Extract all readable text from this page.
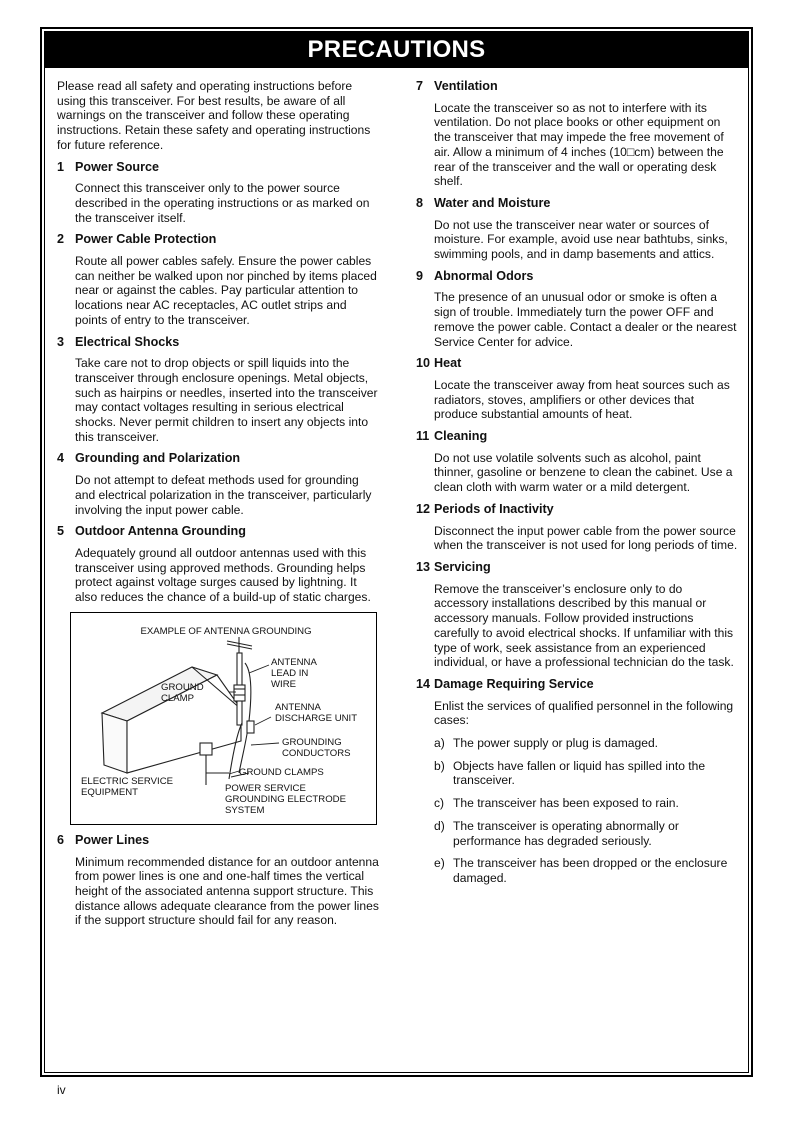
PRECAUTIONS

Please read all safety and operating instructions before using this transceiver. For best results, be aware of all warnings on the transceiver and follow these operating instructions. Retain these safety and operating instructions for future reference.

1 Power Source
Connect this transceiver only to the power source described in the operating instructions or as marked on the transceiver itself.
2 Power Cable Protection
Route all power cables safely. Ensure the power cables can neither be walked upon nor pinched by items placed near or against the cables. Pay particular attention to locations near AC receptacles, AC outlet strips and points of entry to the transceiver.
3 Electrical Shocks
Take care not to drop objects or spill liquids into the transceiver through enclosure openings. Metal objects, such as hairpins or needles, inserted into the transceiver may contact voltages resulting in serious electrical shocks. Never permit children to insert any objects into this transceiver.
4 Grounding and Polarization
Do not attempt to defeat methods used for grounding and electrical polarization in the transceiver, particularly involving the input power cable.
5 Outdoor Antenna Grounding
Adequately ground all outdoor antennas used with this transceiver using approved methods. Grounding helps protect against voltage surges caused by lightning. It also reduces the chance of a build-up of static charges.
EXAMPLE OF ANTENNA GROUNDING
ANTENNA
LEAD IN
WIRE
GROUND
CLAMP
ANTENNA
DISCHARGE UNIT
GROUNDING
CONDUCTORS
GROUND CLAMPS
ELECTRIC SERVICE
EQUIPMENT	POWER SERVICE
GROUNDING ELECTRODE
SYSTEM
6 Power Lines
Minimum recommended distance for an outdoor antenna from power lines is one and one-half times the vertical height of the associated antenna support structure. This distance allows adequate clearance from the power lines if the support structure should fail for any reason.
7 Ventilation
Locate the transceiver so as not to interfere with its ventilation. Do not place books or other equipment on the transceiver that may impede the free movement of air. Allow a minimum of 4 inches (10□cm) between the rear of the transceiver and the wall or operating desk shelf.
8 Water and Moisture
Do not use the transceiver near water or sources of moisture. For example, avoid use near bathtubs, sinks, swimming pools, and in damp basements and attics.
9 Abnormal Odors
The presence of an unusual odor or smoke is often a sign of trouble. Immediately turn the power OFF and remove the power cable. Contact a dealer or the nearest Service Center for advice.
10 Heat
Locate the transceiver away from heat sources such as radiators, stoves, amplifiers or other devices that produce substantial amounts of heat.
11 Cleaning
Do not use volatile solvents such as alcohol, paint thinner, gasoline or benzene to clean the cabinet. Use a clean cloth with warm water or a mild detergent.
12 Periods of Inactivity
Disconnect the input power cable from the power source when the transceiver is not used for long periods of time.
13 Servicing
Remove the transceiver’s enclosure only to do accessory installations described by this manual or accessory manuals. Follow provided instructions carefully to avoid electrical shocks. If unfamiliar with this type of work, seek assistance from an experienced individual, or have a professional technician do the task.
14 Damage Requiring Service
Enlist the services of qualified personnel in the following cases:
a) The power supply or plug is damaged.
b) Objects have fallen or liquid has spilled into the transceiver.
c) The transceiver has been exposed to rain.
d) The transceiver is operating abnormally or performance has degraded seriously.
e) The transceiver has been dropped or the enclosure damaged.
iv
